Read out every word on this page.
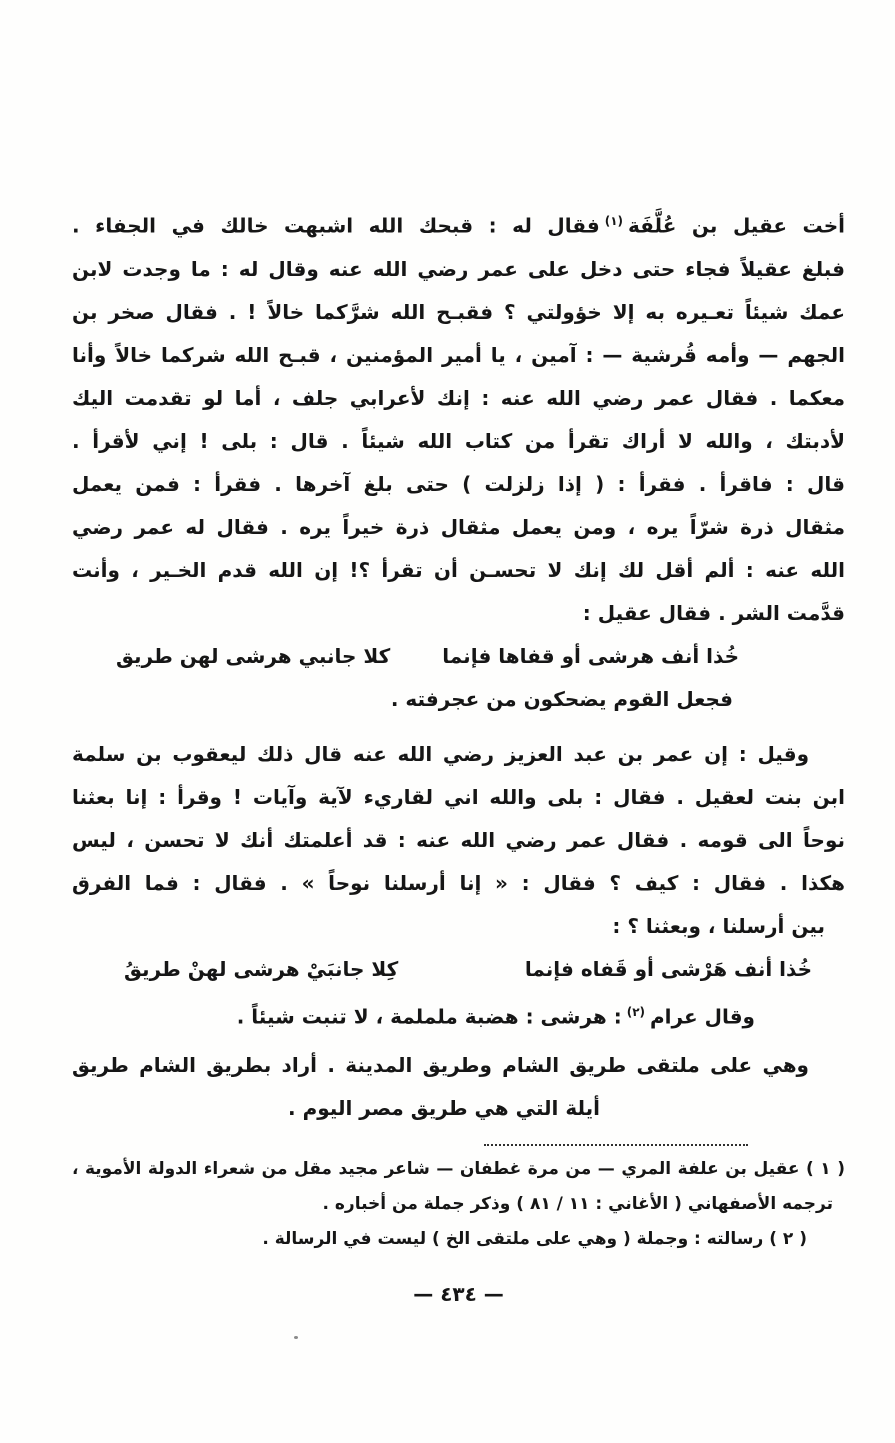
أخت عقيل بن عُلَّفَة$^{(١)}$فقال له : قبحك الله اشبهت خالك في الجفاء .
فبلغ عقيلاً فجاء حتى دخل على عمر رضي الله عنه وقال له : ما وجدت لابن
عمك شيئاً تعـيره به إلا خؤولتي ؟ فقبـح الله شرَّكما خالاً ! . فقال صخر بن
الجهم — وأمه قُرشية — : آمين ، يا أمير المؤمنين ، قبـح الله شركما خالاً وأنا
معكما . فقال عمر رضي الله عنه : إنك لأعرابي جلف ، أما لو تقدمت اليك
لأدبتك ، والله لا أراك تقرأ من كتاب الله شيئاً . قال : بلى ! إني لأقرأ .
قال : فاقرأ . فقرأ : ( إذا زلزلت ) حتى بلغ آخرها . فقرأ : فمن يعمل
مثقال ذرة شرّاً يره ، ومن يعمل مثقال ذرة خيراً يره . فقال له عمر رضي
الله عنه : ألم أقل لك إنك لا تحسـن أن تقرأ ؟! إن الله قدم الخـير ، وأنت
قدَّمت الشر . فقال عقيل :
خُذا أنف هرشى أو قفاها فإنما
كلا جانبي هرشى لهن طريق
فجعل القوم يضحكون من عجرفته .
وقيل : إن عمر بن عبد العزيز رضي الله عنه قال ذلك ليعقوب بن سلمة
ابن بنت لعقيل . فقال : بلى والله اني لقاريء لآية وآيات ! وقرأ : إنا بعثنا
نوحاً الى قومه . فقال عمر رضي الله عنه : قد أعلمتك أنك لا تحسن ، ليس
هكذا . فقال : كيف ؟ فقال : « إنا أرسلنا نوحاً » . فقال : فما الفرق
بين أرسلنا ، وبعثنا ؟ :
خُذا أنف هَرْشى أو قَفاه فإنما
كِلا جانبَيْ هرشى لهنْ طريقُ
وقال عرام$^{(٢)}$: هرشى : هضبة ململمة ، لا تنبت شيئاً .
وهي على ملتقى طريق الشام وطريق المدينة . أراد بطريق الشام طريق
أيلة التي هي طريق مصر اليوم .
( ١ ) عقيل بن علفة المري — من مرة غطفان — شاعر مجيد مقل من شعراء الدولة الأموية ،
ترجمه الأصفهاني ( الأغاني : ١١ / ٨١ ) وذكر جملة من أخباره .
( ٢ ) رسالته : وجملة ( وهي على ملتقى الخ ) ليست في الرسالة .
— ٤٣٤ —
